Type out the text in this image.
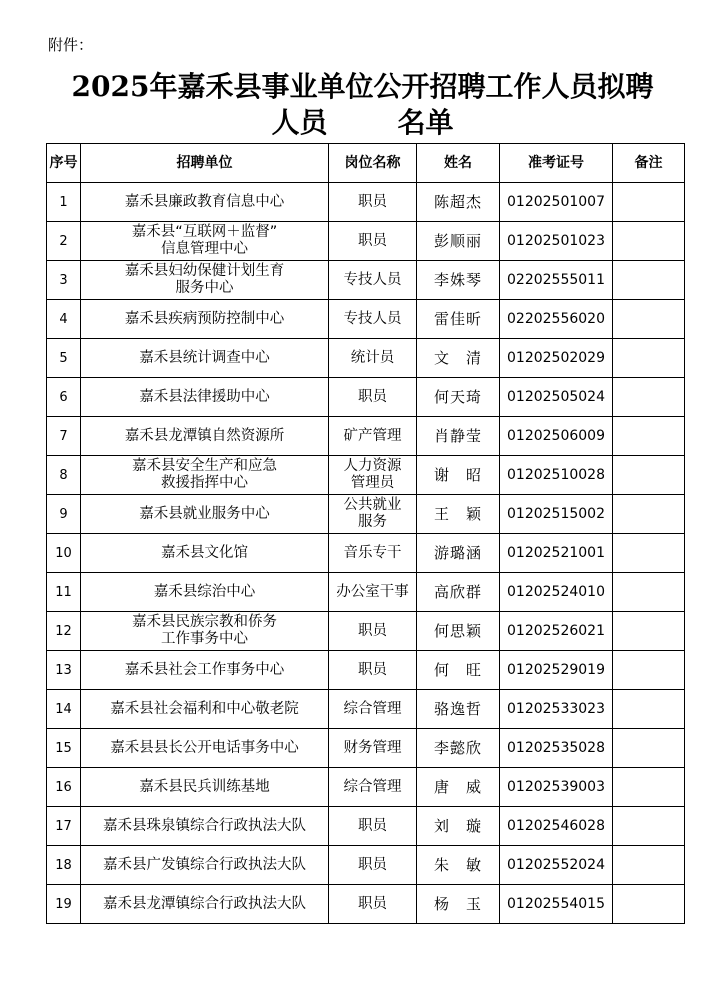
附件：
2025年嘉禾县事业单位公开招聘工作人员拟聘
人员	名单
序号	招聘单位	岗位名称	姓名	准考证号	备注
1	嘉禾县廉政教育信息中心	职员	陈超杰	01202501007	
2	嘉禾县“互联网＋监督”
信息管理中心	职员	彭顺丽	01202501023	
3	嘉禾县妇幼保健计划生育
服务中心	专技人员	李姝琴	02202555011	
4	嘉禾县疾病预防控制中心	专技人员	雷佳昕	02202556020	
5	嘉禾县统计调查中心	统计员	文　清	01202502029	
6	嘉禾县法律援助中心	职员	何天琦	01202505024	
7	嘉禾县龙潭镇自然资源所	矿产管理	肖静莹	01202506009	
8	嘉禾县安全生产和应急
救援指挥中心	人力资源
管理员	谢　昭	01202510028	
9	嘉禾县就业服务中心	公共就业
服务	王　颖	01202515002	
10	嘉禾县文化馆	音乐专干	游璐涵	01202521001	
11	嘉禾县综治中心	办公室干事	高欣群	01202524010	
12	嘉禾县民族宗教和侨务
工作事务中心	职员	何思颖	01202526021	
13	嘉禾县社会工作事务中心	职员	何　旺	01202529019	
14	嘉禾县社会福利和中心敬老院	综合管理	骆逸哲	01202533023	
15	嘉禾县县长公开电话事务中心	财务管理	李懿欣	01202535028	
16	嘉禾县民兵训练基地	综合管理	唐　威	01202539003	
17	嘉禾县珠泉镇综合行政执法大队	职员	刘　璇	01202546028	
18	嘉禾县广发镇综合行政执法大队	职员	朱　敏	01202552024	
19	嘉禾县龙潭镇综合行政执法大队	职员	杨　玉	01202554015	
